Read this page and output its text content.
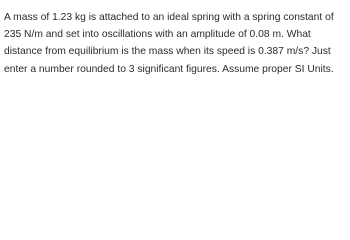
A mass of 1.23 kg is attached to an ideal spring with a spring constant of
235 N/m and set into oscillations with an amplitude of 0.08 m. What
distance from equilibrium is the mass when its speed is 0.387 m/s? Just
enter a number rounded to 3 significant figures. Assume proper SI Units.
